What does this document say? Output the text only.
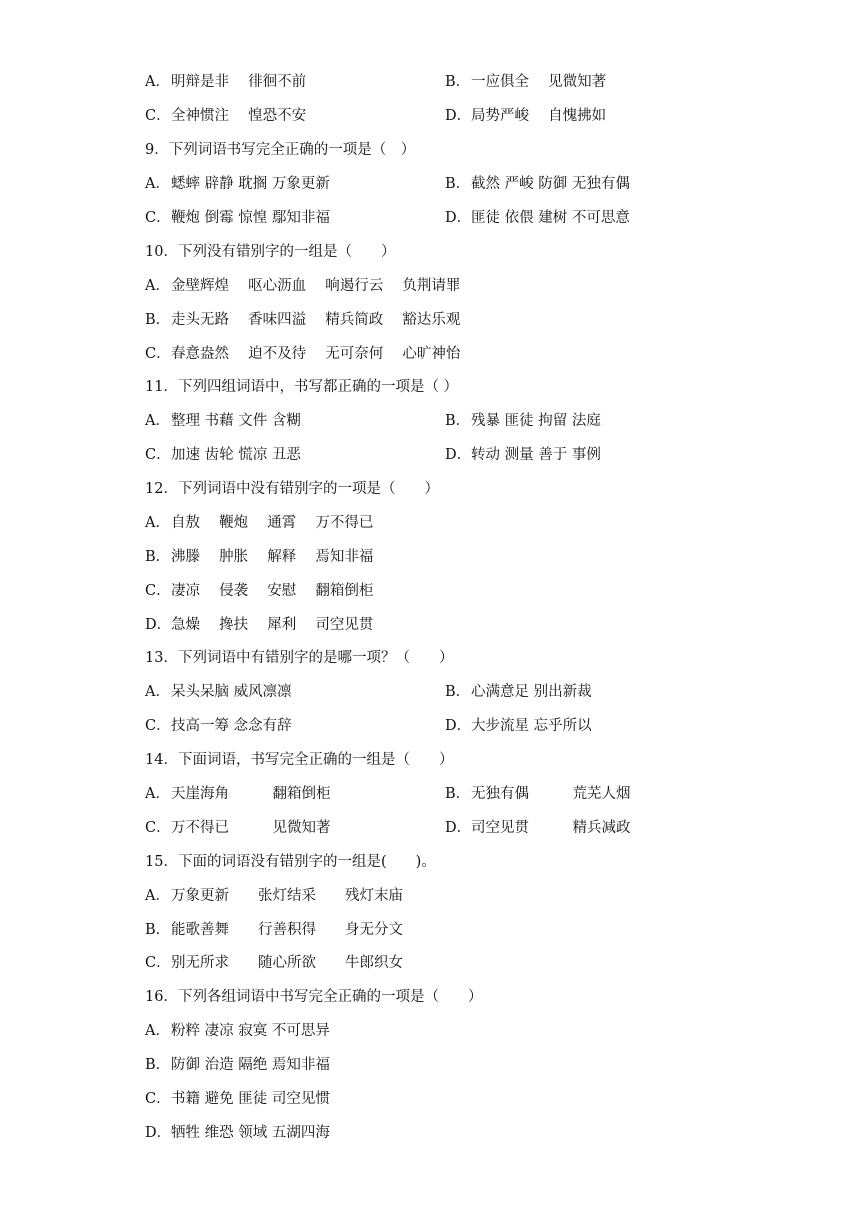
A．明辩是非　 徘徊不前	B．一应俱全　 见微知著
C．全神惯注　 惶恐不安	D．局势严峻　 自愧拂如
9．下列词语书写完全正确的一项是（　）
A．蟋蟀 辟静 耽搁 万象更新	B．截然 严峻 防御 无独有偶
C．鞭炮 倒霉 惊惶 鄢知非福	D．匪徒 依偎 建树 不可思意
10．下列没有错别字的一组是（　　）
A．金壁辉煌　 呕心沥血　 响遏行云　 负荆请罪
B．走头无路　 香味四溢　 精兵简政　 豁达乐观
C．春意盎然　 迫不及待　 无可奈何　 心旷神怡
11．下列四组词语中，书写都正确的一项是（ ）
A．整理 书藉 文件 含糊	B．残暴 匪徒 拘留 法庭
C．加速 齿轮 慌凉 丑恶	D．转动 测量 善于 事例
12．下列词语中没有错别字的一项是（　　）
A．自敖　 鞭炮　 通霄　 万不得已
B．沸滕　 肿胀　 解释　 焉知非福
C．凄凉　 侵袭　 安慰　 翻箱倒柜
D．急燥　 搀扶　 犀利　 司空见贯
13．下列词语中有错别字的是哪一项？（　　）
A．呆头呆脑 威风凛凛	B．心满意足 别出新裁
C．技高一筹 念念有辞	D．大步流星 忘乎所以
14．下面词语，书写完全正确的一组是（　　）
A．天崖海角　　　翻箱倒柜	B．无独有偶　　　荒芜人烟
C．万不得已　　　见微知著	D．司空见贯　　　精兵减政
15．下面的词语没有错别字的一组是(　　)。
A．万象更新　　张灯结采　　残灯末庙
B．能歌善舞　　行善积得　　身无分文
C．别无所求　　随心所欲　　牛郎织女
16．下列各组词语中书写完全正确的一项是（　　）
A．粉粹 凄凉 寂寞 不可思异
B．防御 治造 隔绝 焉知非福
C．书籍 避免 匪徒 司空见惯
D．牺牲 维恐 领域 五湖四海
